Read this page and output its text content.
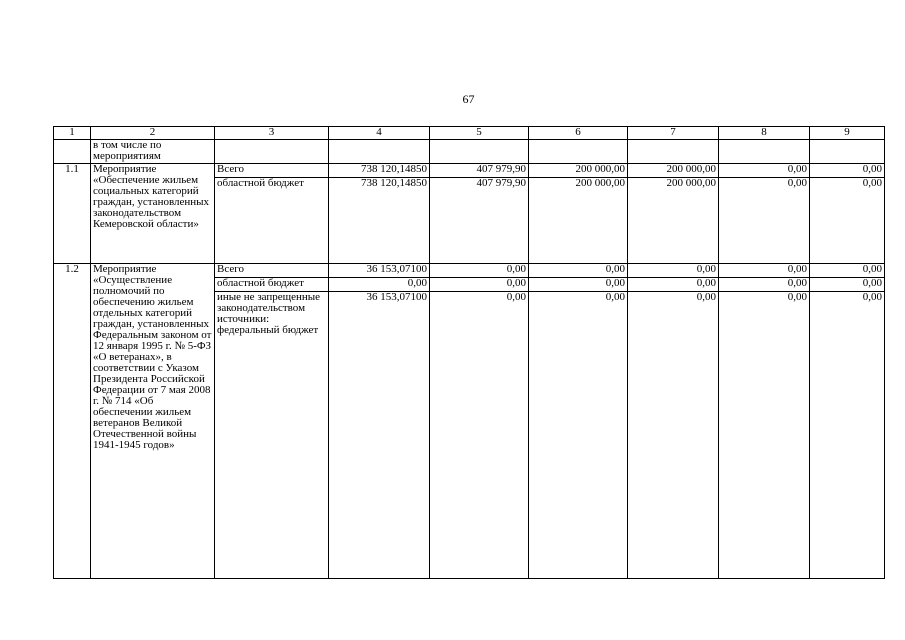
67
1	2	3	4	5	6	7	8	9
	в том числе по мероприятиям							
1.1	Мероприятие «Обеспечение жильем социальных категорий граждан, установленных законодательством Кемеровской области»	Всего	738 120,14850	407 979,90	200 000,00	200 000,00	0,00	0,00
		областной бюджет	738 120,14850	407 979,90	200 000,00	200 000,00	0,00	0,00
1.2	Мероприятие «Осуществление полномочий по обеспечению жильем отдельных категорий граждан, установленных Федеральным законом от 12 января 1995 г. № 5-ФЗ «О ветеранах», в соответствии с Указом Президента Российской Федерации от 7 мая 2008 г. № 714 «Об обеспечении жильем ветеранов Великой Отечественной войны 1941-1945 годов»	Всего	36 153,07100	0,00	0,00	0,00	0,00	0,00
		областной бюджет	0,00	0,00	0,00	0,00	0,00	0,00
		иные не запрещенные законодательством источники: федеральный бюджет	36 153,07100	0,00	0,00	0,00	0,00	0,00
